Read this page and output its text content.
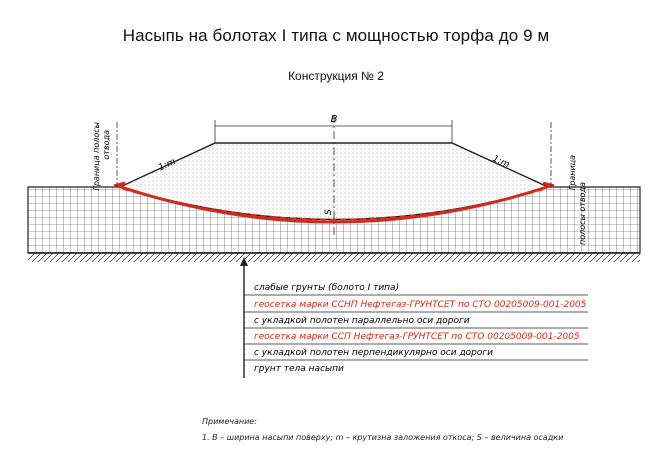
Насыпь на болотах I типа с мощностью торфа до 9 м
Конструкция № 2
S
B
1:m	1:m
Граница полосы отвода
Граница
полосы отвода
слабые грунты (болото I типа)
геосетка марки ССНП Нефтегаз-ГРУНТСЕТ по СТО 00205009-001-2005
с укладкой полотен параллельно оси дороги
геосетка марки ССП Нефтегаз-ГРУНТСЕТ по СТО 00205009-001-2005
с укладкой полотен перпендикулярно оси дороги
грунт тела насыпи
Примечание:
1. B – ширина насыпи поверху; m – крутизна заложения откоса; S – величина осадки
